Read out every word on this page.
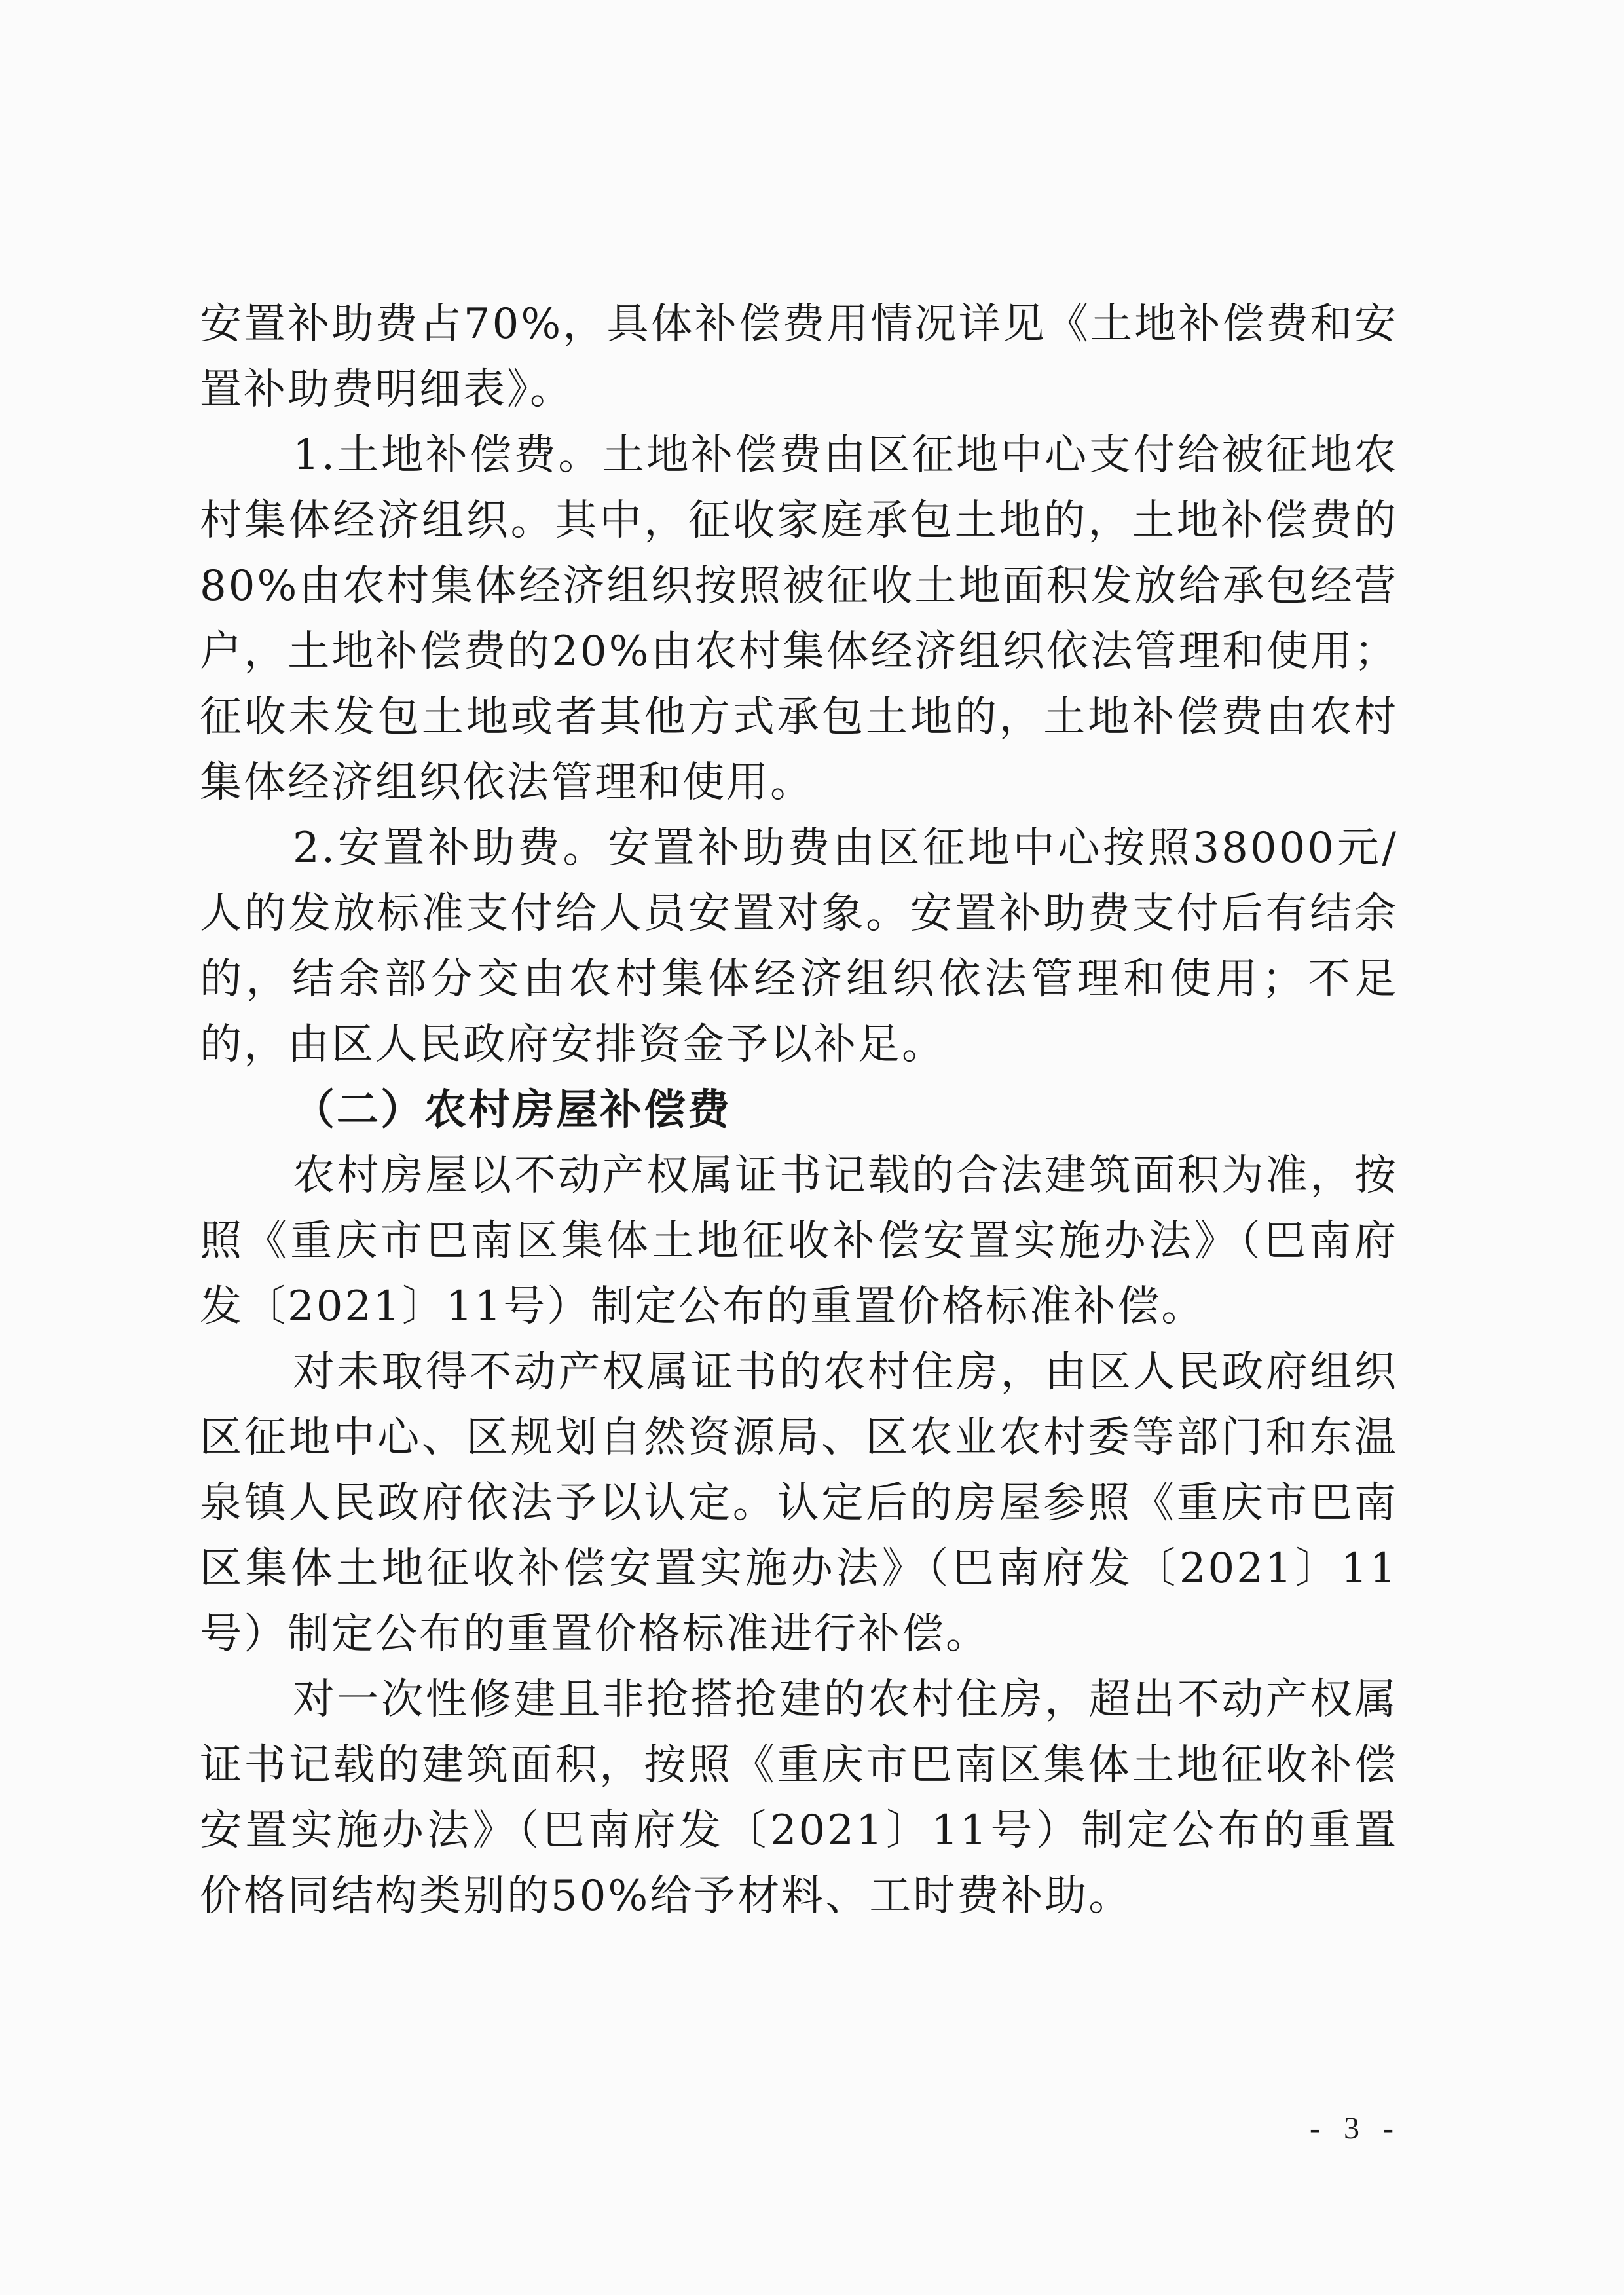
安置补助费占70%，具体补偿费用情况详见《土地补偿费和安置补助费明细表》。

1.土地补偿费。土地补偿费由区征地中心支付给被征地农村集体经济组织。其中，征收家庭承包土地的，土地补偿费的80%由农村集体经济组织按照被征收土地面积发放给承包经营户，土地补偿费的20%由农村集体经济组织依法管理和使用；征收未发包土地或者其他方式承包土地的，土地补偿费由农村集体经济组织依法管理和使用。

2.安置补助费。安置补助费由区征地中心按照38000元/人的发放标准支付给人员安置对象。安置补助费支付后有结余的，结余部分交由农村集体经济组织依法管理和使用；不足的，由区人民政府安排资金予以补足。

（二）农村房屋补偿费

农村房屋以不动产权属证书记载的合法建筑面积为准，按照《重庆市巴南区集体土地征收补偿安置实施办法》（巴南府发〔2021〕11号）制定公布的重置价格标准补偿。

对未取得不动产权属证书的农村住房，由区人民政府组织区征地中心、区规划自然资源局、区农业农村委等部门和东温泉镇人民政府依法予以认定。认定后的房屋参照《重庆市巴南区集体土地征收补偿安置实施办法》（巴南府发〔2021〕11号）制定公布的重置价格标准进行补偿。

对一次性修建且非抢搭抢建的农村住房，超出不动产权属证书记载的建筑面积，按照《重庆市巴南区集体土地征收补偿安置实施办法》（巴南府发〔2021〕11号）制定公布的重置价格同结构类别的50%给予材料、工时费补助。

- 3 -
